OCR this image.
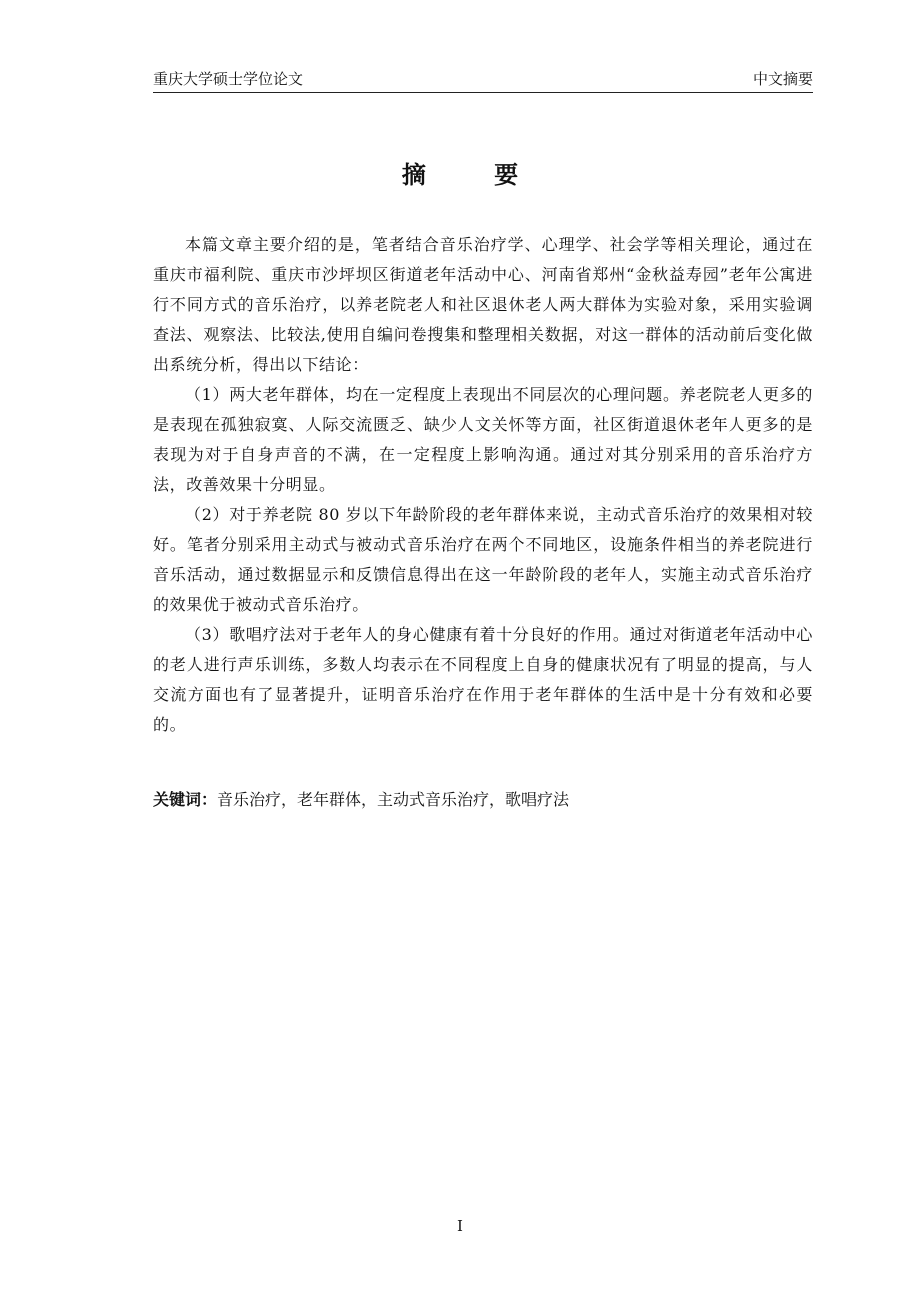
重庆大学硕士学位论文	中文摘要
摘 要

本篇文章主要介绍的是，笔者结合音乐治疗学、心理学、社会学等相关理论，通过在重庆市福利院、重庆市沙坪坝区街道老年活动中心、河南省郑州“金秋益寿园”老年公寓进行不同方式的音乐治疗，以养老院老人和社区退休老人两大群体为实验对象，采用实验调查法、观察法、比较法,使用自编问卷搜集和整理相关数据，对这一群体的活动前后变化做出系统分析，得出以下结论：

（1）两大老年群体，均在一定程度上表现出不同层次的心理问题。养老院老人更多的是表现在孤独寂寞、人际交流匮乏、缺少人文关怀等方面，社区街道退休老年人更多的是表现为对于自身声音的不满，在一定程度上影响沟通。通过对其分别采用的音乐治疗方法，改善效果十分明显。

（2）对于养老院 80 岁以下年龄阶段的老年群体来说，主动式音乐治疗的效果相对较好。笔者分别采用主动式与被动式音乐治疗在两个不同地区，设施条件相当的养老院进行音乐活动，通过数据显示和反馈信息得出在这一年龄阶段的老年人，实施主动式音乐治疗的效果优于被动式音乐治疗。

（3）歌唱疗法对于老年人的身心健康有着十分良好的作用。通过对街道老年活动中心的老人进行声乐训练，多数人均表示在不同程度上自身的健康状况有了明显的提高，与人交流方面也有了显著提升，证明音乐治疗在作用于老年群体的生活中是十分有效和必要的。

关键词：音乐治疗，老年群体，主动式音乐治疗，歌唱疗法
I
